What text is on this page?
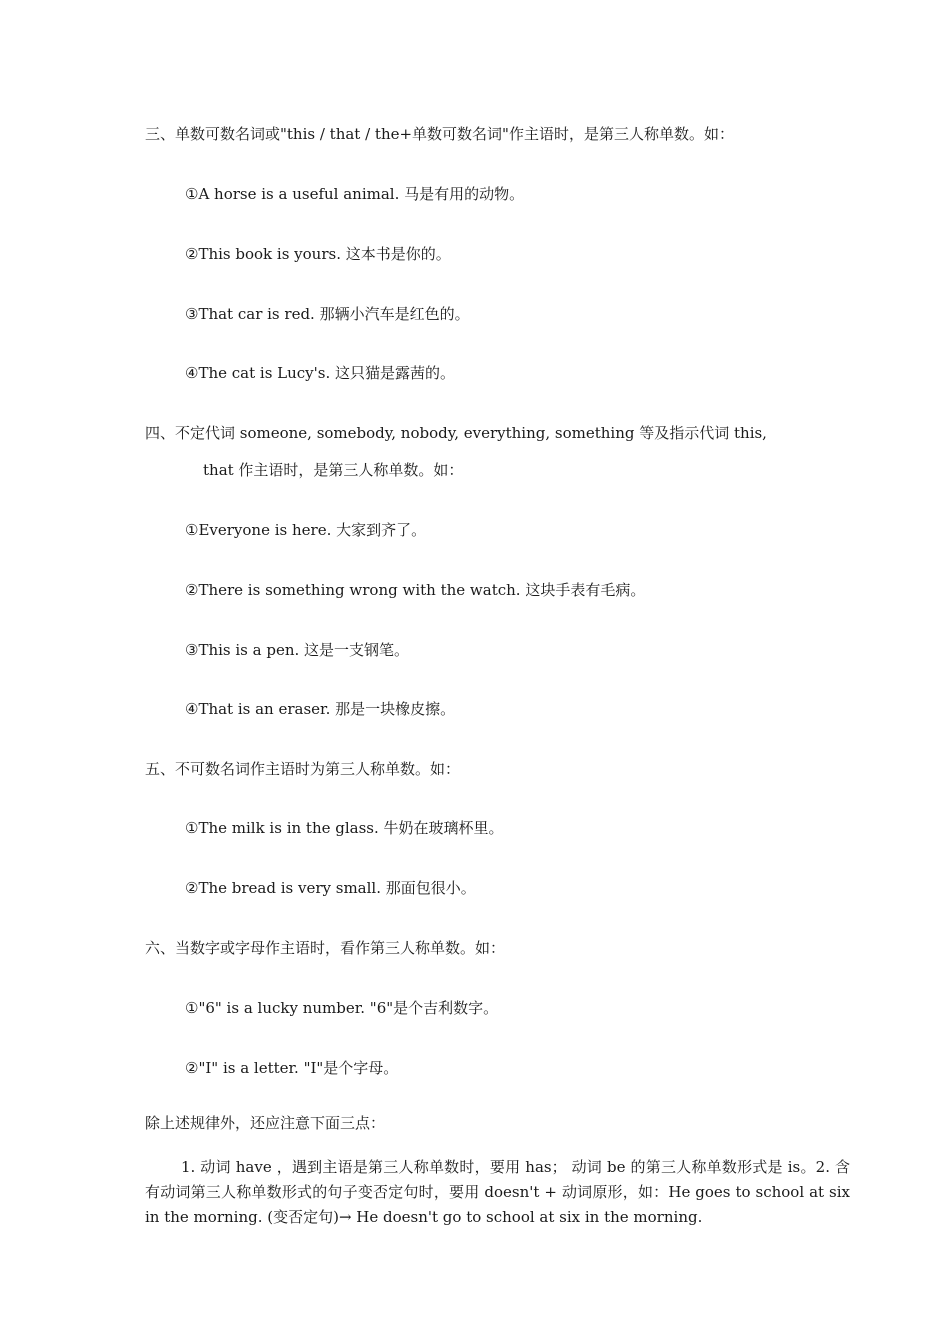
三、单数可数名词或"this / that / the+单数可数名词"作主语时，是第三人称单数。如：

①A horse is a useful animal. 马是有用的动物。

②This book is yours. 这本书是你的。

③That car is red. 那辆小汽车是红色的。

④The cat is Lucy's. 这只猫是露茜的。

四、不定代词 someone, somebody, nobody, everything, something 等及指示代词 this,

that 作主语时，是第三人称单数。如：

①Everyone is here. 大家到齐了。

②There is something wrong with the watch. 这块手表有毛病。

③This is a pen. 这是一支钢笔。

④That is an eraser. 那是一块橡皮擦。

五、不可数名词作主语时为第三人称单数。如：

①The milk is in the glass. 牛奶在玻璃杯里。

②The bread is very small. 那面包很小。

六、当数字或字母作主语时，看作第三人称单数。如：

①"6" is a lucky number. "6"是个吉利数字。

②"I" is a letter. "I"是个字母。

除上述规律外，还应注意下面三点：

1. 动词 have ，遇到主语是第三人称单数时，要用 has； 动词 be 的第三人称单数形式是 is。2. 含有动词第三人称单数形式的句子变否定句时，要用 doesn't + 动词原形，如：He goes to school at six in the morning. (变否定句)→ He doesn't go to school at six in the morning.
